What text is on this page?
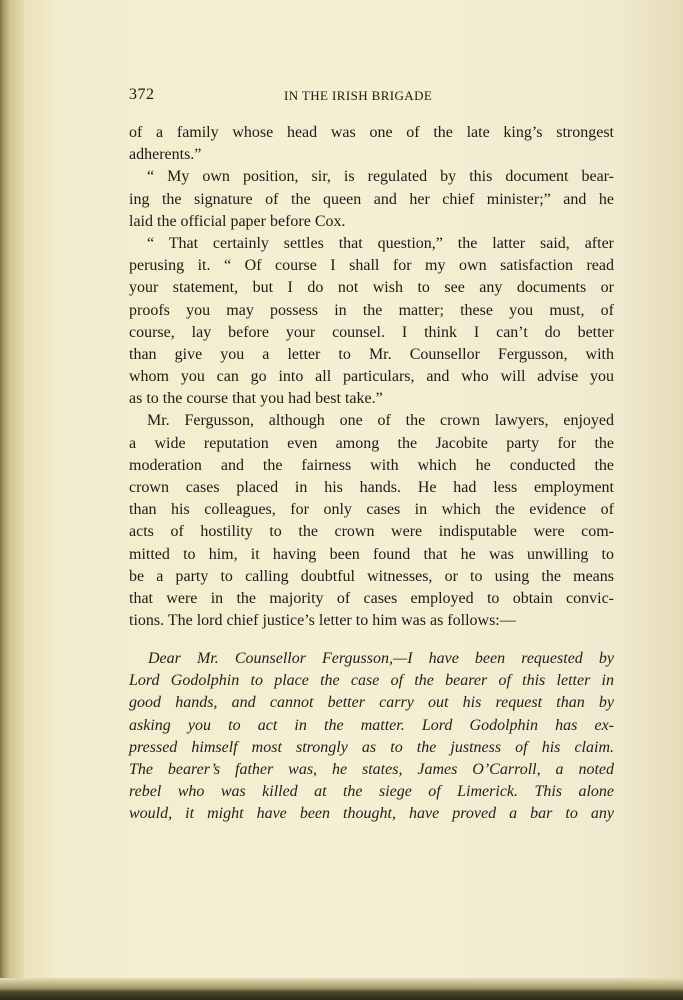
372	IN THE IRISH BRIGADE
of a family whose head was one of the late king’s strongest
adherents.”
“ My own position, sir, is regulated by this document bear-
ing the signature of the queen and her chief minister;” and he
laid the official paper before Cox.
“ That certainly settles that question,” the latter said, after
perusing it. “ Of course I shall for my own satisfaction read
your statement, but I do not wish to see any documents or
proofs you may possess in the matter; these you must, of
course, lay before your counsel. I think I can’t do better
than give you a letter to Mr. Counsellor Fergusson, with
whom you can go into all particulars, and who will advise you
as to the course that you had best take.”
Mr. Fergusson, although one of the crown lawyers, enjoyed
a wide reputation even among the Jacobite party for the
moderation and the fairness with which he conducted the
crown cases placed in his hands. He had less employment
than his colleagues, for only cases in which the evidence of
acts of hostility to the crown were indisputable were com-
mitted to him, it having been found that he was unwilling to
be a party to calling doubtful witnesses, or to using the means
that were in the majority of cases employed to obtain convic-
tions. The lord chief justice’s letter to him was as follows:—
Dear Mr. Counsellor Fergusson,—I have been requested by
Lord Godolphin to place the case of the bearer of this letter in
good hands, and cannot better carry out his request than by
asking you to act in the matter. Lord Godolphin has ex-
pressed himself most strongly as to the justness of his claim.
The bearer’s father was, he states, James O’Carroll, a noted
rebel who was killed at the siege of Limerick. This alone
would, it might have been thought, have proved a bar to any
